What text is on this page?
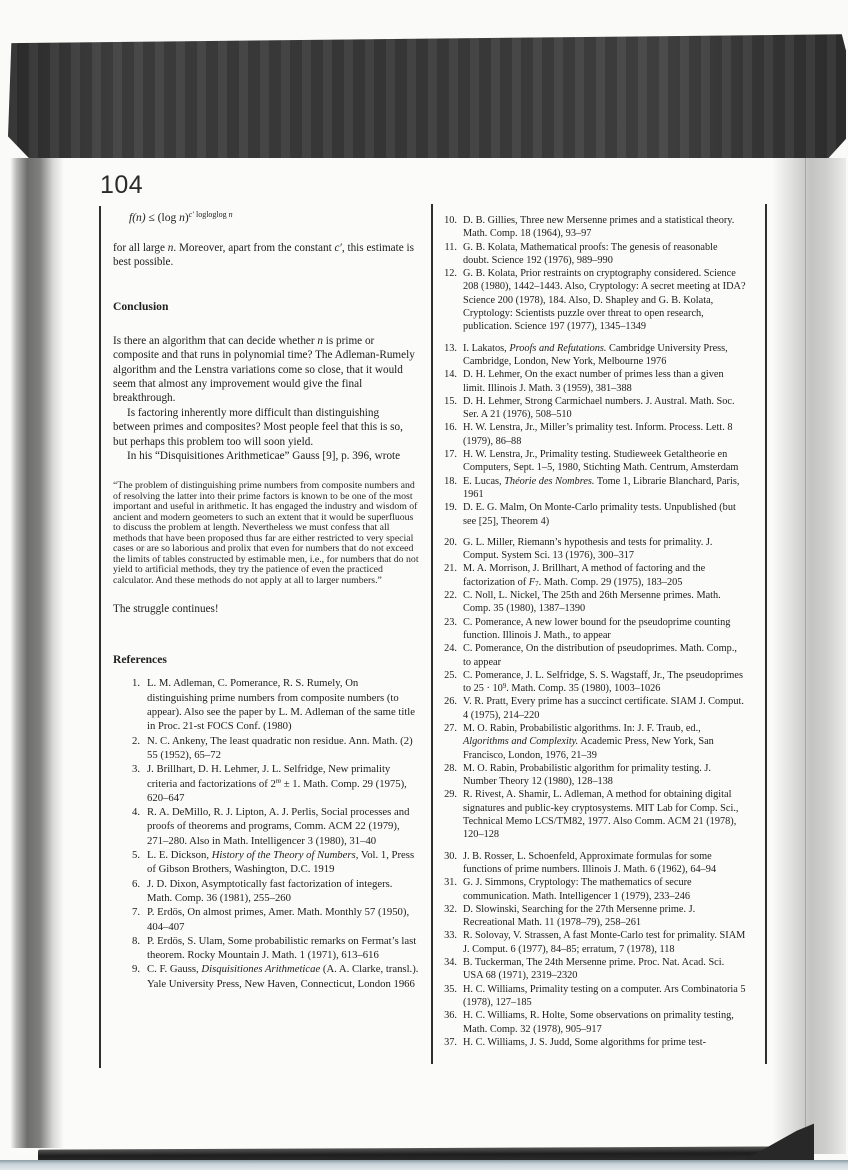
104
f(n) ≤ (log n)$^{c'}$ $^{logloglog}$ $^n$

for all large n. Moreover, apart from the constant c′, this estimate is best possible.

Conclusion

Is there an algorithm that can decide whether n is prime or composite and that runs in polynomial time? The Adleman-Rumely algorithm and the Lenstra variations come so close, that it would seem that almost any improvement would give the final breakthrough.

Is factoring inherently more difficult than distinguishing between primes and composites? Most people feel that this is so, but perhaps this problem too will soon yield.

In his “Disquisitiones Arithmeticae” Gauss [9], p. 396, wrote

“The problem of distinguishing prime numbers from composite numbers and of resolving the latter into their prime factors is known to be one of the most important and useful in arithmetic. It has engaged the industry and wisdom of ancient and modern geometers to such an extent that it would be superfluous to discuss the problem at length. Nevertheless we must confess that all methods that have been proposed thus far are either restricted to very special cases or are so laborious and prolix that even for numbers that do not exceed the limits of tables constructed by estimable men, i.e., for numbers that do not yield to artificial methods, they try the patience of even the practiced calculator. And these methods do not apply at all to larger numbers.”

The struggle continues!

References
1. L. M. Adleman, C. Pomerance, R. S. Rumely, On distinguishing prime numbers from composite numbers (to appear). Also see the paper by L. M. Adleman of the same title in Proc. 21-st FOCS Conf. (1980)
2. N. C. Ankeny, The least quadratic non residue. Ann. Math. (2) 55 (1952), 65–72
3. J. Brillhart, D. H. Lehmer, J. L. Selfridge, New primality criteria and factorizations of $2^m \pm 1$. Math. Comp. 29 (1975), 620–647
4. R. A. DeMillo, R. J. Lipton, A. J. Perlis, Social processes and proofs of theorems and programs, Comm. ACM 22 (1979), 271–280. Also in Math. Intelligencer 3 (1980), 31–40
5. L. E. Dickson, History of the Theory of Numbers, Vol. 1, Press of Gibson Brothers, Washington, D.C. 1919
6. J. D. Dixon, Asymptotically fast factorization of integers. Math. Comp. 36 (1981), 255–260
7. P. Erdös, On almost primes, Amer. Math. Monthly 57 (1950), 404–407
8. P. Erdös, S. Ulam, Some probabilistic remarks on Fermat’s last theorem. Rocky Mountain J. Math. 1 (1971), 613–616
9. C. F. Gauss, Disquisitiones Arithmeticae (A. A. Clarke, transl.). Yale University Press, New Haven, Connecticut, London 1966
10. D. B. Gillies, Three new Mersenne primes and a statistical theory. Math. Comp. 18 (1964), 93–97
11. G. B. Kolata, Mathematical proofs: The genesis of reasonable doubt. Science 192 (1976), 989–990
12. G. B. Kolata, Prior restraints on cryptography considered. Science 208 (1980), 1442–1443. Also, Cryptology: A secret meeting at IDA? Science 200 (1978), 184. Also, D. Shapley and G. B. Kolata, Cryptology: Scientists puzzle over threat to open research, publication. Science 197 (1977), 1345–1349
13. I. Lakatos, Proofs and Refutations. Cambridge University Press, Cambridge, London, New York, Melbourne 1976
14. D. H. Lehmer, On the exact number of primes less than a given limit. Illinois J. Math. 3 (1959), 381–388
15. D. H. Lehmer, Strong Carmichael numbers. J. Austral. Math. Soc. Ser. A 21 (1976), 508–510
16. H. W. Lenstra, Jr., Miller’s primality test. Inform. Process. Lett. 8 (1979), 86–88
17. H. W. Lenstra, Jr., Primality testing. Studieweek Getaltheorie en Computers, Sept. 1–5, 1980, Stichting Math. Centrum, Amsterdam
18. E. Lucas, Théorie des Nombres. Tome 1, Librarie Blanchard, Paris, 1961
19. D. E. G. Malm, On Monte-Carlo primality tests. Unpublished (but see [25], Theorem 4)
20. G. L. Miller, Riemann’s hypothesis and tests for primality. J. Comput. System Sci. 13 (1976), 300–317
21. M. A. Morrison, J. Brillhart, A method of factoring and the factorization of $F_7$. Math. Comp. 29 (1975), 183–205
22. C. Noll, L. Nickel, The 25th and 26th Mersenne primes. Math. Comp. 35 (1980), 1387–1390
23. C. Pomerance, A new lower bound for the pseudoprime counting function. Illinois J. Math., to appear
24. C. Pomerance, On the distribution of pseudoprimes. Math. Comp., to appear
25. C. Pomerance, J. L. Selfridge, S. S. Wagstaff, Jr., The pseudoprimes to $25 \cdot 10^9$. Math. Comp. 35 (1980), 1003–1026
26. V. R. Pratt, Every prime has a succinct certificate. SIAM J. Comput. 4 (1975), 214–220
27. M. O. Rabin, Probabilistic algorithms. In: J. F. Traub, ed., Algorithms and Complexity. Academic Press, New York, San Francisco, London, 1976, 21–39
28. M. O. Rabin, Probabilistic algorithm for primality testing. J. Number Theory 12 (1980), 128–138
29. R. Rivest, A. Shamir, L. Adleman, A method for obtaining digital signatures and public-key cryptosystems. MIT Lab for Comp. Sci., Technical Memo LCS/TM82, 1977. Also Comm. ACM 21 (1978), 120–128
30. J. B. Rosser, L. Schoenfeld, Approximate formulas for some functions of prime numbers. Illinois J. Math. 6 (1962), 64–94
31. G. J. Simmons, Cryptology: The mathematics of secure communication. Math. Intelligencer 1 (1979), 233–246
32. D. Slowinski, Searching for the 27th Mersenne prime. J. Recreational Math. 11 (1978–79), 258–261
33. R. Solovay, V. Strassen, A fast Monte-Carlo test for primality. SIAM J. Comput. 6 (1977), 84–85; erratum, 7 (1978), 118
34. B. Tuckerman, The 24th Mersenne prime. Proc. Nat. Acad. Sci. USA 68 (1971), 2319–2320
35. H. C. Williams, Primality testing on a computer. Ars Combinatoria 5 (1978), 127–185
36. H. C. Williams, R. Holte, Some observations on primality testing, Math. Comp. 32 (1978), 905–917
37. H. C. Williams, J. S. Judd, Some algorithms for prime test-
